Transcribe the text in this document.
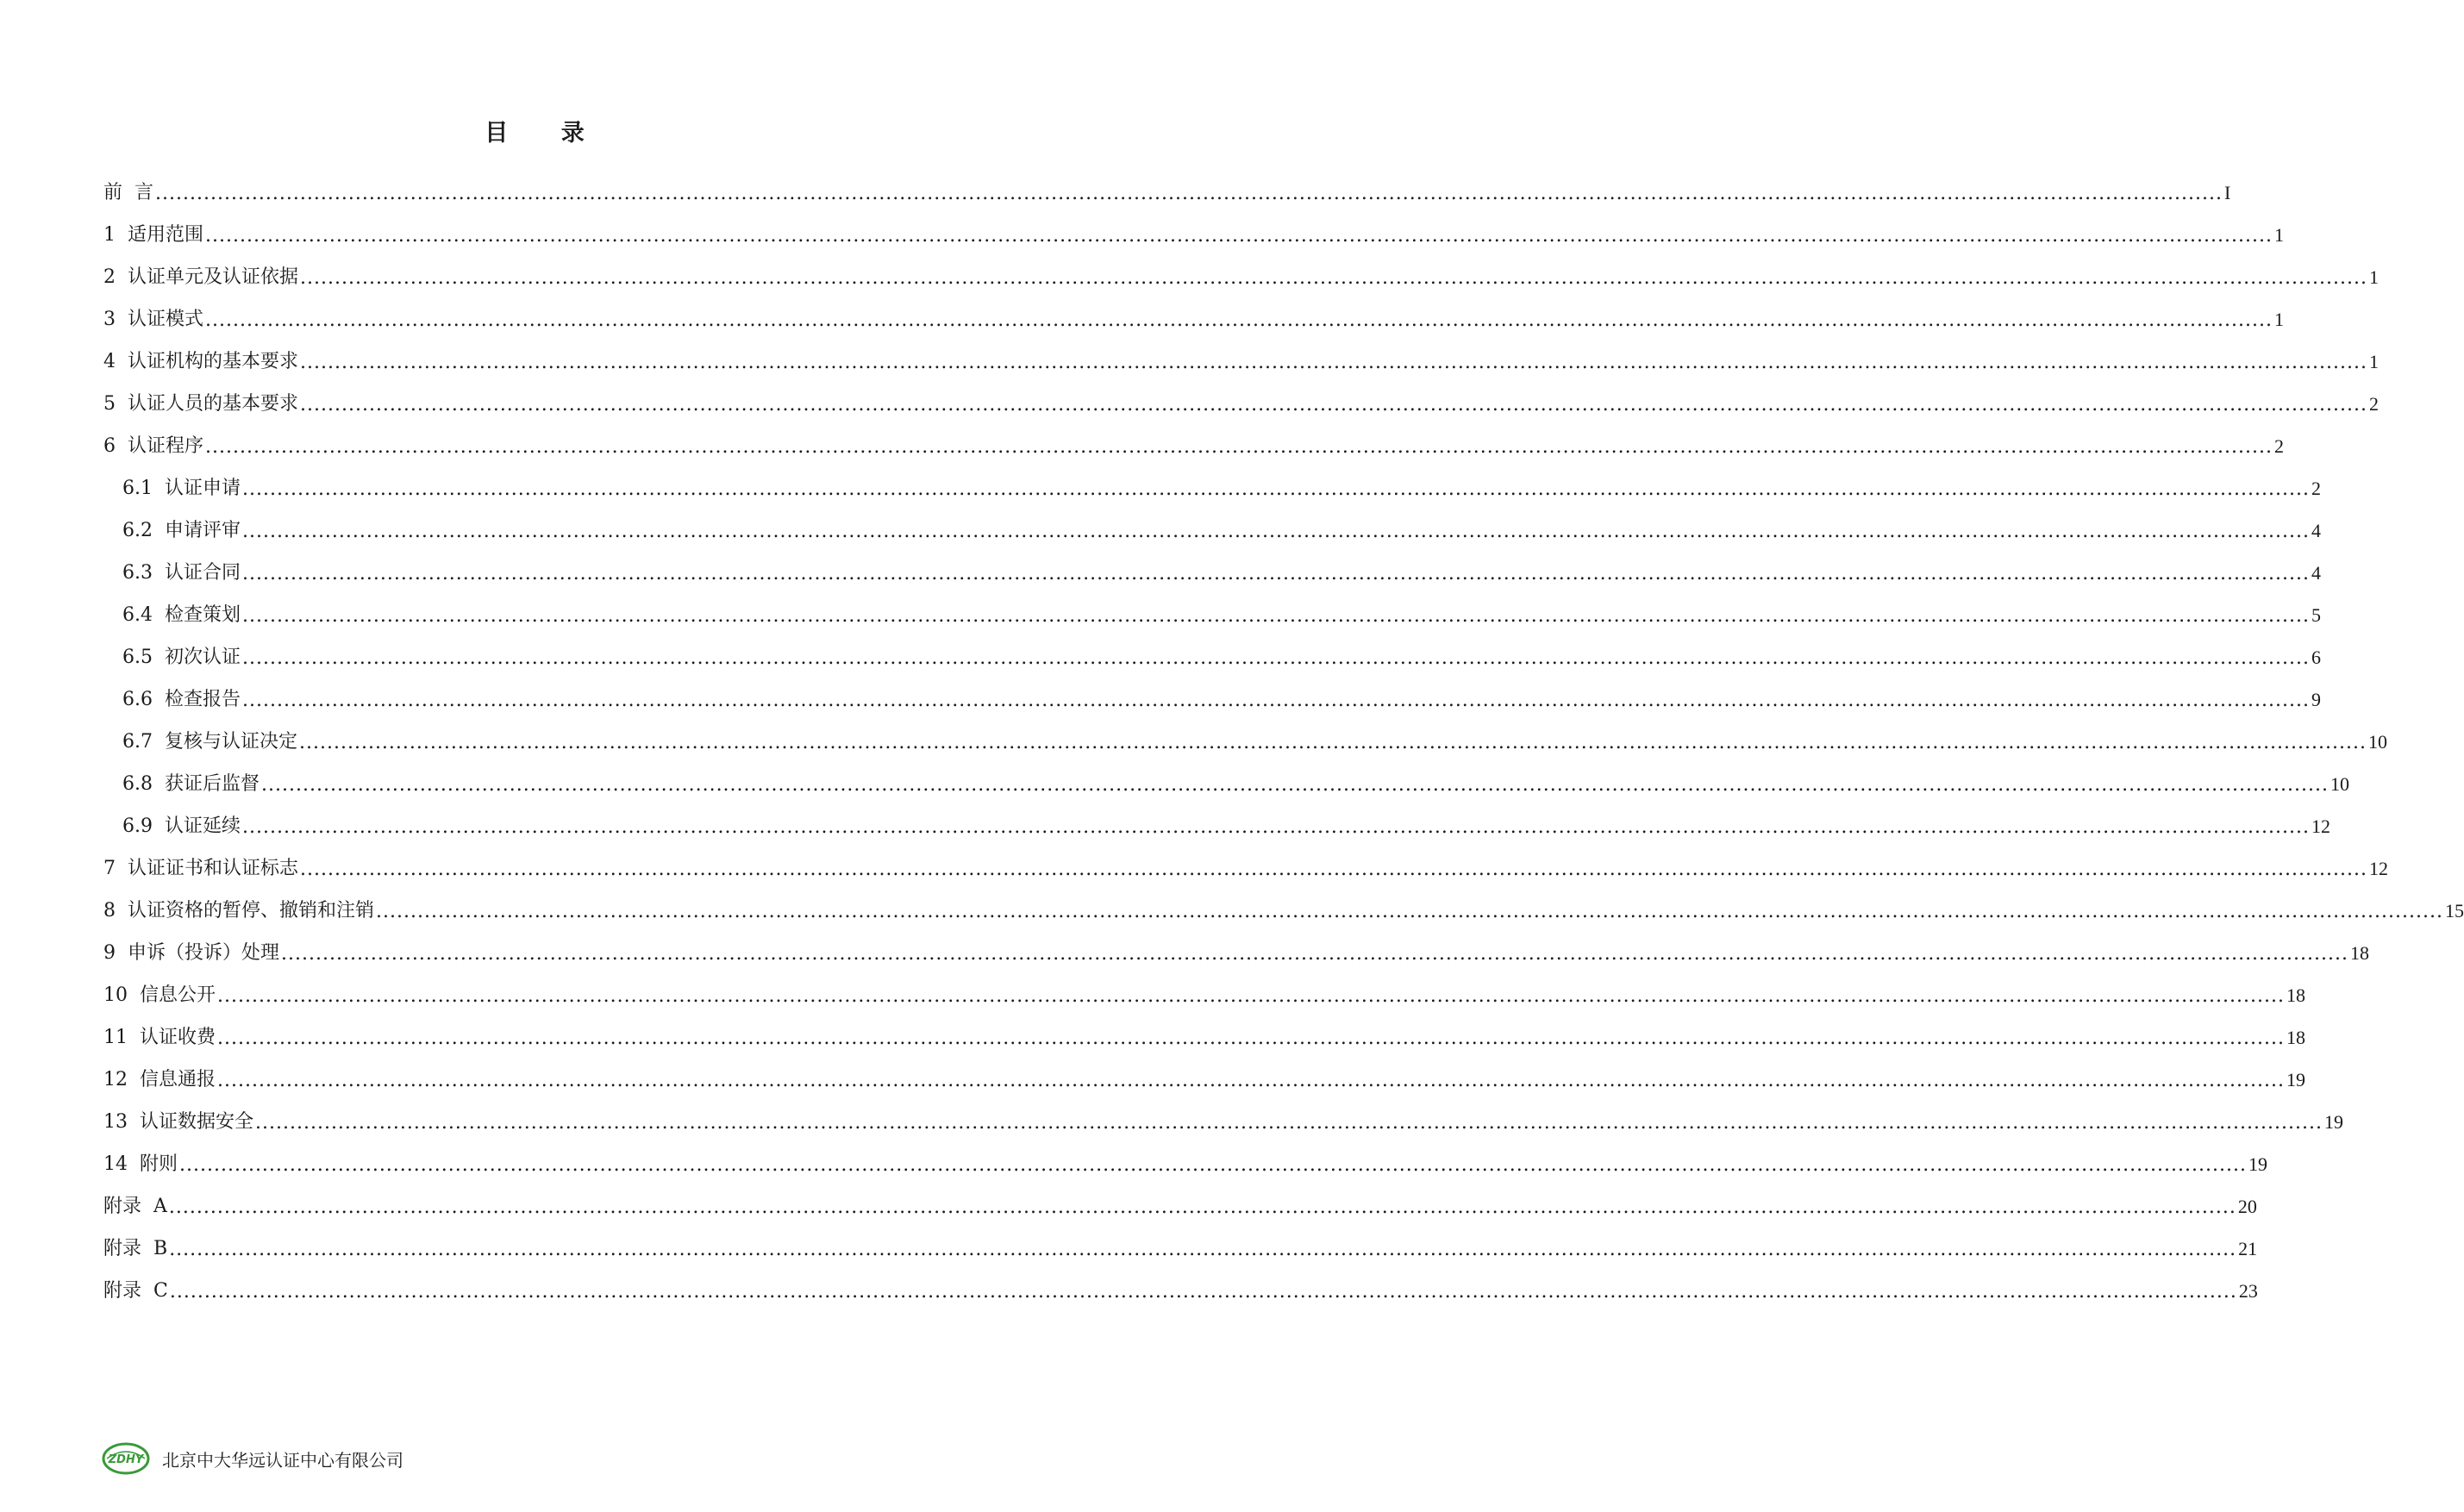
目 录
前 言 ............................................................................................................................................................................................................................................................................................................ I
1 适用范围 ............................................................................................................................................................................................................................................................................................................ 1
2 认证单元及认证依据 ............................................................................................................................................................................................................................................................................................................ 1
3 认证模式 ............................................................................................................................................................................................................................................................................................................ 1
4 认证机构的基本要求 ............................................................................................................................................................................................................................................................................................................ 1
5 认证人员的基本要求 ............................................................................................................................................................................................................................................................................................................ 2
6 认证程序 ............................................................................................................................................................................................................................................................................................................ 2
6.1 认证申请 ............................................................................................................................................................................................................................................................................................................ 2
6.2 申请评审 ............................................................................................................................................................................................................................................................................................................ 4
6.3 认证合同 ............................................................................................................................................................................................................................................................................................................ 4
6.4 检查策划 ............................................................................................................................................................................................................................................................................................................ 5
6.5 初次认证 ............................................................................................................................................................................................................................................................................................................ 6
6.6 检查报告 ............................................................................................................................................................................................................................................................................................................ 9
6.7 复核与认证决定 ............................................................................................................................................................................................................................................................................................................ 10
6.8 获证后监督 ............................................................................................................................................................................................................................................................................................................ 10
6.9 认证延续 ............................................................................................................................................................................................................................................................................................................ 12
7 认证证书和认证标志 ............................................................................................................................................................................................................................................................................................................ 12
8 认证资格的暂停、撤销和注销 ............................................................................................................................................................................................................................................................................................................ 15
9 申诉（投诉）处理 ............................................................................................................................................................................................................................................................................................................ 18
10 信息公开 ............................................................................................................................................................................................................................................................................................................ 18
11 认证收费 ............................................................................................................................................................................................................................................................................................................ 18
12 信息通报 ............................................................................................................................................................................................................................................................................................................ 19
13 认证数据安全 ............................................................................................................................................................................................................................................................................................................ 19
14 附则 ............................................................................................................................................................................................................................................................................................................ 19
附录 A ............................................................................................................................................................................................................................................................................................................ 20
附录 B ............................................................................................................................................................................................................................................................................................................ 21
附录 C ............................................................................................................................................................................................................................................................................................................ 23
ZDHY 北京中大华远认证中心有限公司
